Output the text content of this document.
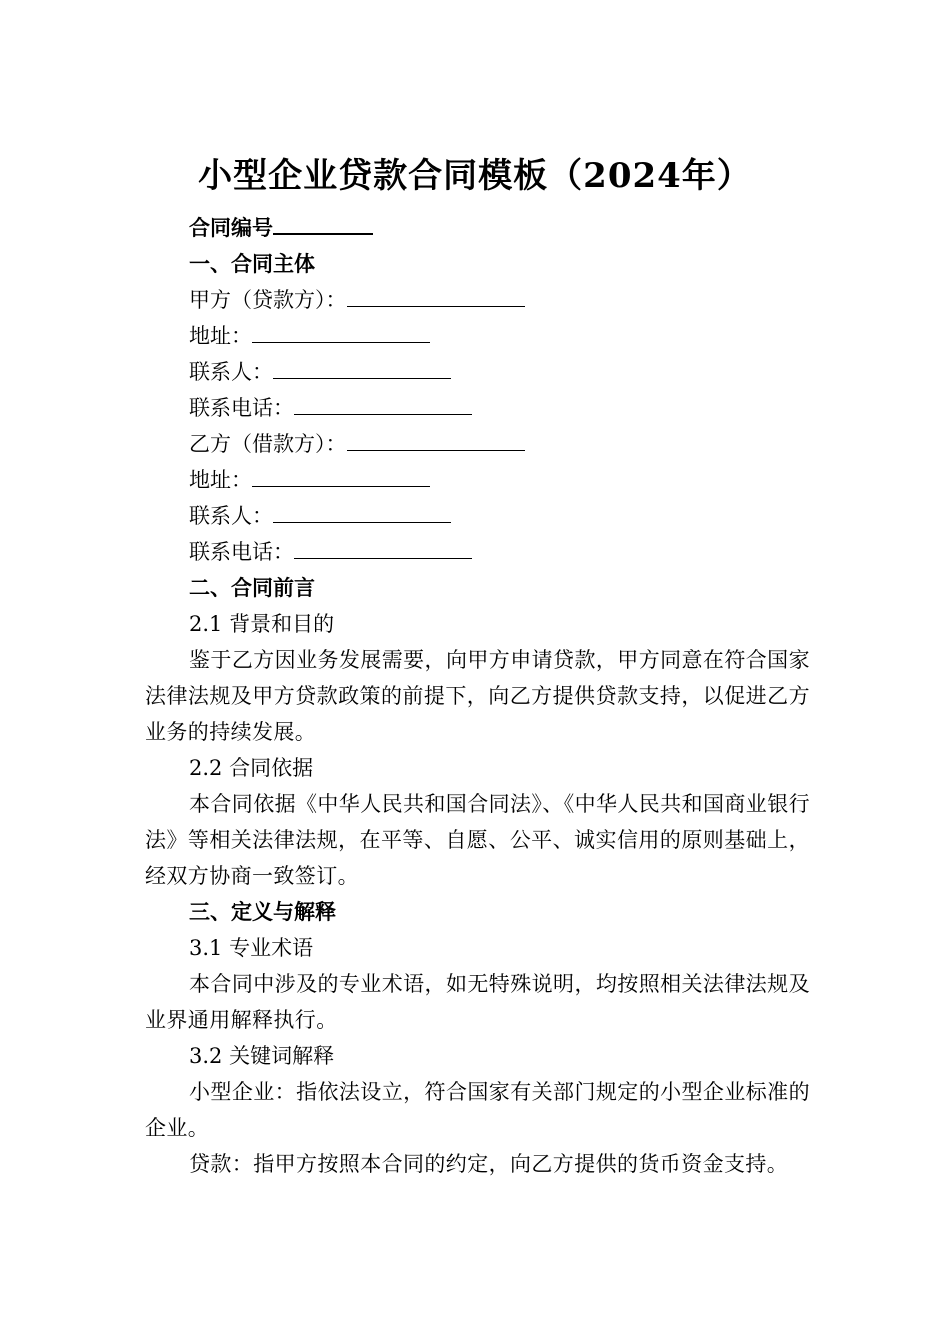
小型企业贷款合同模板（2024年）
合同编号
一、合同主体
甲方（贷款方）：
地址：
联系人：
联系电话：
乙方（借款方）：
地址：
联系人：
联系电话：
二、合同前言
2.1 背景和目的
鉴于乙方因业务发展需要，向甲方申请贷款，甲方同意在符合国家法律法规及甲方贷款政策的前提下，向乙方提供贷款支持，以促进乙方业务的持续发展。
2.2 合同依据
本合同依据《中华人民共和国合同法》、《中华人民共和国商业银行法》等相关法律法规，在平等、自愿、公平、诚实信用的原则基础上，经双方协商一致签订。
三、定义与解释
3.1 专业术语
本合同中涉及的专业术语，如无特殊说明，均按照相关法律法规及业界通用解释执行。
3.2 关键词解释
小型企业：指依法设立，符合国家有关部门规定的小型企业标准的企业。
贷款：指甲方按照本合同的约定，向乙方提供的货币资金支持。
